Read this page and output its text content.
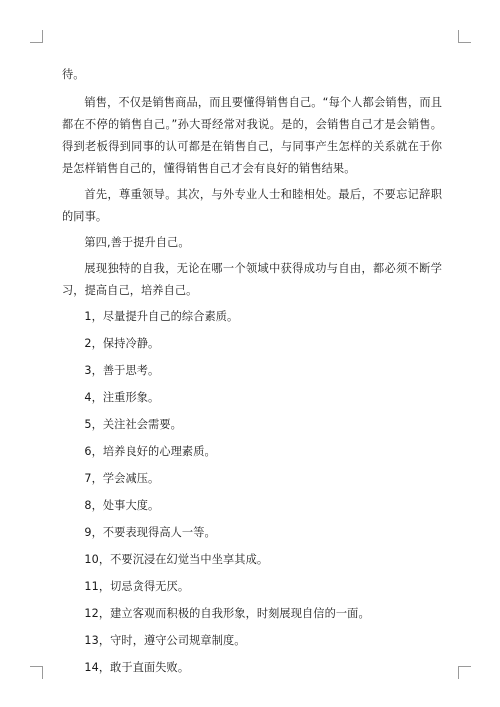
待。

销售，不仅是销售商品，而且要懂得销售自己。“每个人都会销售，而且都在不停的销售自己。”孙大哥经常对我说。是的，会销售自己才是会销售。得到老板得到同事的认可都是在销售自己，与同事产生怎样的关系就在于你是怎样销售自己的，懂得销售自己才会有良好的销售结果。

首先，尊重领导。其次，与外专业人士和睦相处。最后，不要忘记辞职的同事。

第四,善于提升自己。

展现独特的自我，无论在哪一个领域中获得成功与自由，都必须不断学习，提高自己，培养自己。

1，尽量提升自己的综合素质。

2，保持冷静。

3，善于思考。

4，注重形象。

5，关注社会需要。

6，培养良好的心理素质。

7，学会减压。

8，处事大度。

9，不要表现得高人一等。

10，不要沉浸在幻觉当中坐享其成。

11，切忌贪得无厌。

12，建立客观而积极的自我形象，时刻展现自信的一面。

13，守时，遵守公司规章制度。

14，敢于直面失败。
